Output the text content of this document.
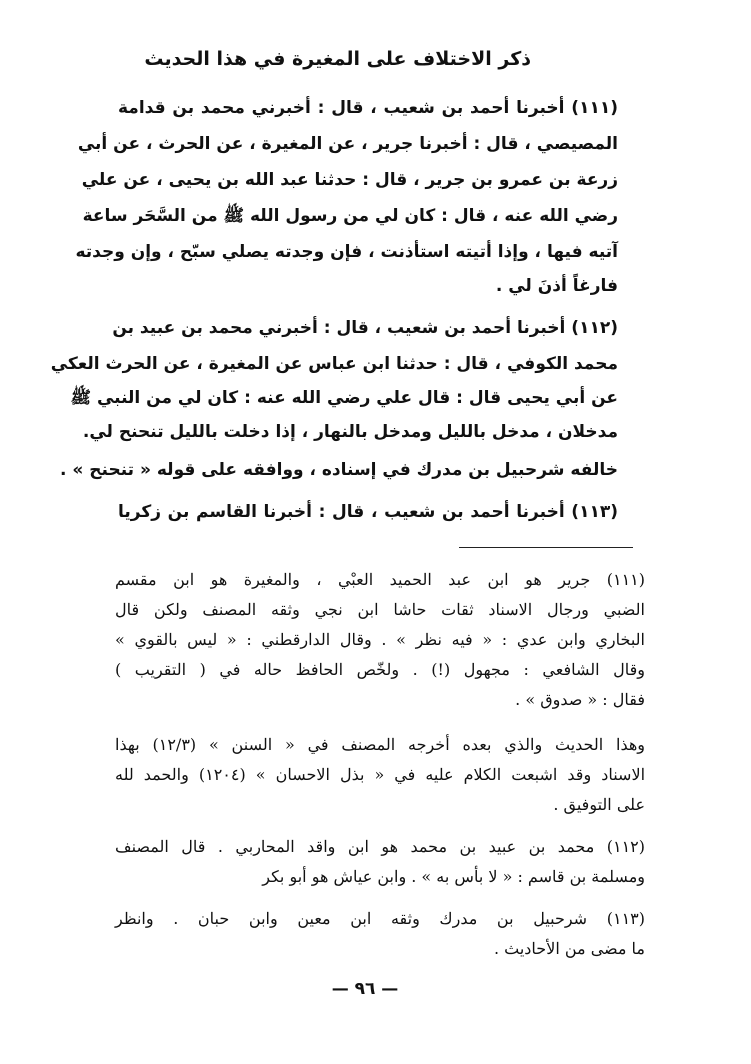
ذكر الاختلاف على المغيرة في هذا الحديث
(١١١) أخبرنا أحمد بن شعيب ، قال : أخبرني محمد بن قدامة
المصيصي ، قال : أخبرنا جرير ، عن المغيرة ، عن الحرث ، عن أبي
زرعة بن عمرو بن جرير ، قال : حدثنا عبد الله بن يحيى ، عن علي
رضي الله عنه ، قال : كان لي من رسول الله ﷺ من السَّحَر ساعة
آتيه فيها ، وإذا أتيته استأذنت ، فإن وجدته يصلي سبّح ، وإن وجدته
فارغاً أذنَ لي .
(١١٢) أخبرنا أحمد بن شعيب ، قال : أخبرني محمد بن عبيد بن
محمد الكوفي ، قال : حدثنا ابن عباس عن المغيرة ، عن الحرث العكي
عن أبي يحيى قال : قال علي رضي الله عنه : كان لي من النبي ﷺ
مدخلان ، مدخل بالليل ومدخل بالنهار ، إذا دخلت بالليل تنحنح لي.
خالفه شرحبيل بن مدرك في إسناده ، ووافقه على قوله « تنحنح » .
(١١٣) أخبرنا أحمد بن شعيب ، قال : أخبرنا القاسم بن زكريا
(١١١) جرير هو ابن عبد الحميد العبْي ، والمغيرة هو ابن مقسم
الضبي ورجال الاسناد ثقات حاشا ابن نجي وثقه المصنف ولكن قال
البخاري وابن عدي : « فيه نظر » . وقال الدارقطني : « ليس بالقوي »
وقال الشافعي : مجهول (!) . ولخّص الحافظ حاله في ( التقريب )
فقال : « صدوق » .
وهذا الحديث والذي بعده أخرجه المصنف في « السنن » (١٢/٣) بهذا
الاسناد وقد اشبعت الكلام عليه في « بذل الاحسان » (١٢٠٤) والحمد لله
على التوفيق .
(١١٢) محمد بن عبيد بن محمد هو ابن واقد المحاربي . قال المصنف
ومسلمة بن قاسم : « لا بأس به » . وابن عياش هو أبو بكر
(١١٣) شرحبيل بن مدرك وثقه ابن معين وابن حبان . وانظر
ما مضى من الأحاديث .
— ٩٦ —
